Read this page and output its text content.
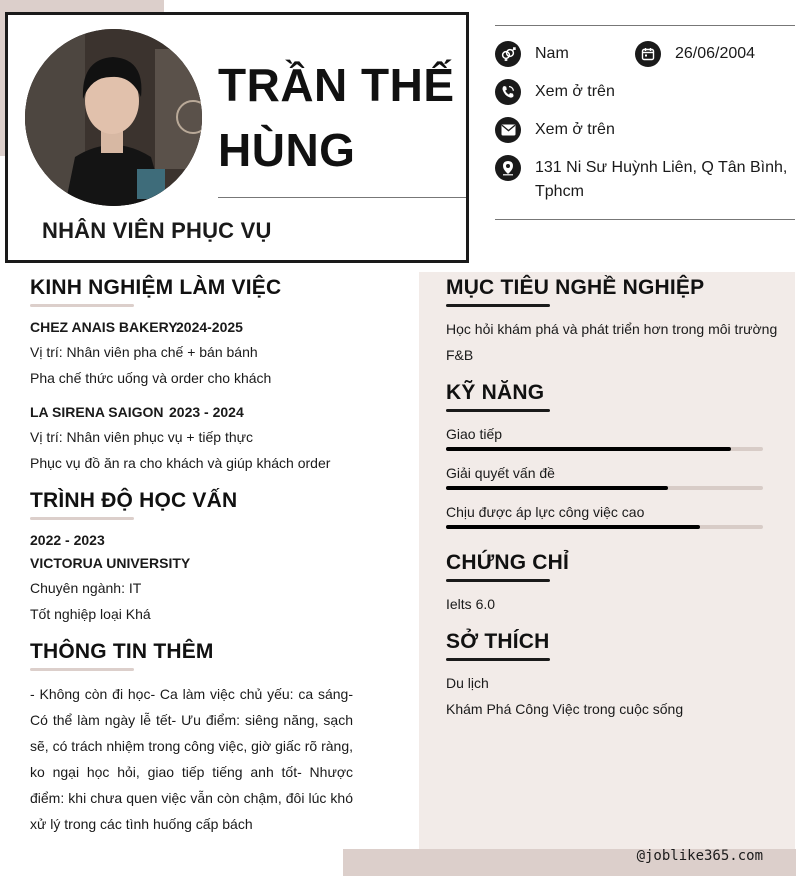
TRẦN THẾ
HÙNG
NHÂN VIÊN PHỤC VỤ
Nam	26/06/2004
Xem ở trên
Xem ở trên
131 Ni Sư Huỳnh Liên, Q Tân Bình,
Tphcm
KINH NGHIỆM LÀM VIỆC
CHEZ ANAIS BAKERY
2024-2025
Vị trí: Nhân viên pha chế + bán bánh
Pha chế thức uống và order cho khách
LA SIRENA SAIGON 2023 - 2024
Vị trí: Nhân viên phục vụ + tiếp thực
Phục vụ đồ ăn ra cho khách và giúp khách order
TRÌNH ĐỘ HỌC VẤN
2022 - 2023
VICTORUA UNIVERSITY
Chuyên ngành: IT
Tốt nghiệp loại Khá
THÔNG TIN THÊM
- Không còn đi học- Ca làm việc chủ yếu: ca sáng- Có thể làm ngày lễ tết- Ưu điểm: siêng năng, sạch sẽ, có trách nhiệm trong công việc, giờ giấc rõ ràng, ko ngại học hỏi, giao tiếp tiếng anh tốt- Nhược điểm: khi chưa quen việc vẫn còn chậm, đôi lúc khó xử lý trong các tình huống cấp bách
MỤC TIÊU NGHỀ NGHIỆP
Học hỏi khám phá và phát triển hơn trong môi trường
F&B
KỸ NĂNG
Giao tiếp
Giải quyết vấn đề
Chịu được áp lực công việc cao
CHỨNG CHỈ
Ielts 6.0
SỞ THÍCH
Du lịch
Khám Phá Công Việc trong cuộc sống
@joblike365.com
